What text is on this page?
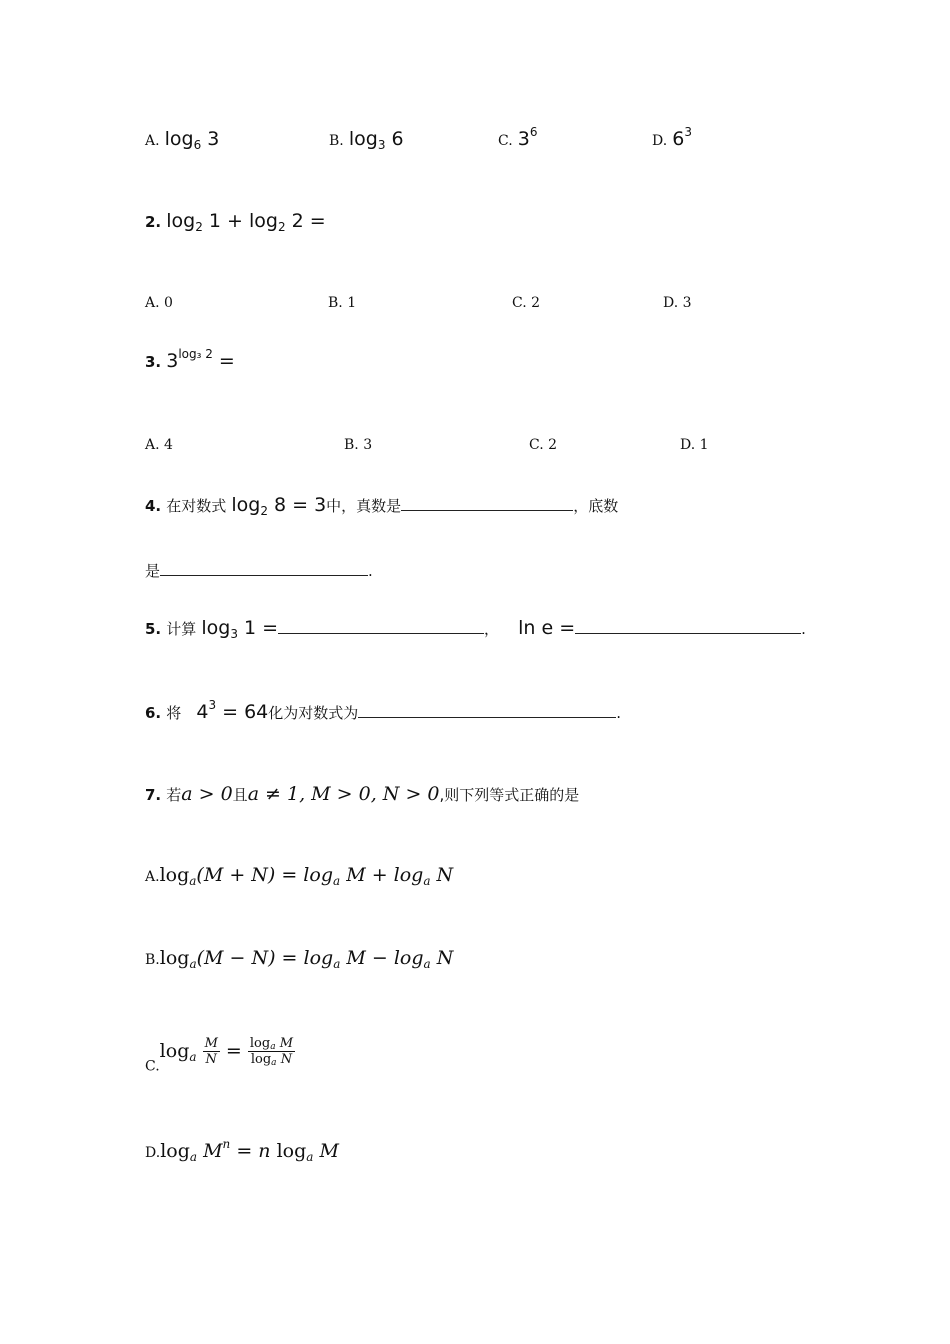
A. $\log_6 3$	B. $\log_3 6$	C. $3^6$
D. $6^3$
2. $\log_2 1 + \log_2 2$ =
A. 0	B. 1	C. 2	D. 3
3. $3^{log_3 2}$ =
A. 4	B. 3	C. 2	D. 1
4. 在对数式 $\log_2 8 = 3$中，真数是	，底数
是	.
5. 计算 $\log_3 1$ =	， ln e =	.
6. 将 $4^3 = 64$化为对数式为	.
7. 若a > 0且a ≠ 1, M > 0, N > 0,则下列等式正确的是
$A.\log_a(M + N) = \log_a M + \log_a N$
$B.\log_a(M - N) = \log_a M - \log_a N$
$C.\log_a \frac{M}{N} = \frac{\log_a M}{\log_a N}$
$D.\log_a$ $M^n = n$ $\log_a M$
